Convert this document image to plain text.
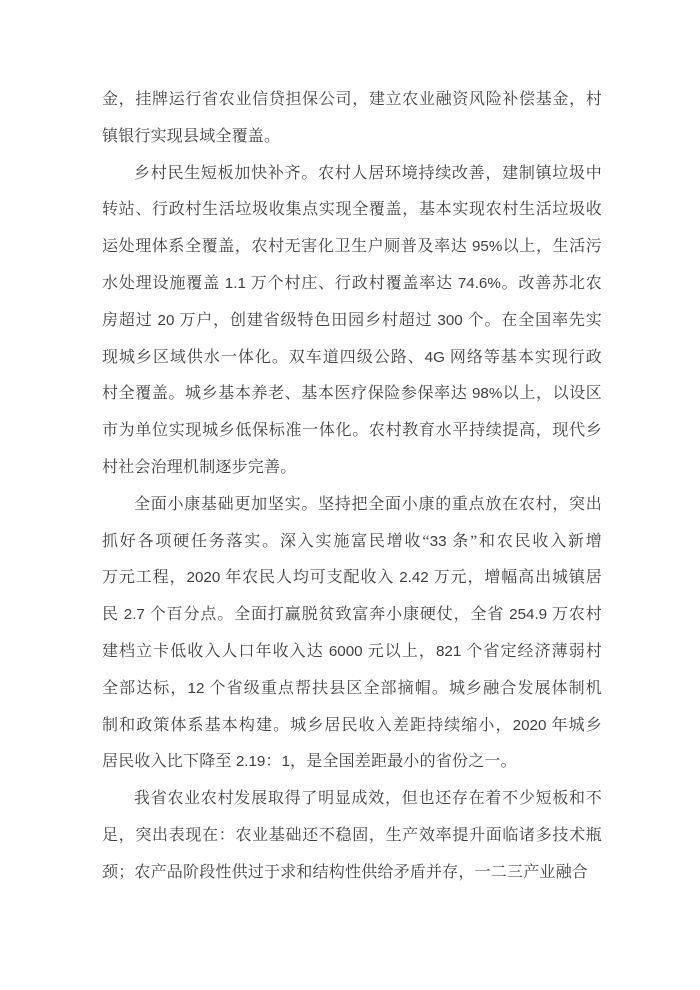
金，挂牌运行省农业信贷担保公司，建立农业融资风险补偿基金，村
镇银行实现县域全覆盖。
乡村民生短板加快补齐。农村人居环境持续改善，建制镇垃圾中
转站、行政村生活垃圾收集点实现全覆盖，基本实现农村生活垃圾收
运处理体系全覆盖，农村无害化卫生户厕普及率达 95%以上，生活污
水处理设施覆盖 1.1 万个村庄、行政村覆盖率达 74.6%。改善苏北农
房超过 20 万户，创建省级特色田园乡村超过 300 个。在全国率先实
现城乡区域供水一体化。双车道四级公路、4G 网络等基本实现行政
村全覆盖。城乡基本养老、基本医疗保险参保率达 98%以上，以设区
市为单位实现城乡低保标准一体化。农村教育水平持续提高，现代乡
村社会治理机制逐步完善。
全面小康基础更加坚实。坚持把全面小康的重点放在农村，突出
抓好各项硬任务落实。深入实施富民增收“33 条”和农民收入新增
万元工程，2020 年农民人均可支配收入 2.42 万元，增幅高出城镇居
民 2.7 个百分点。全面打赢脱贫致富奔小康硬仗，全省 254.9 万农村
建档立卡低收入人口年收入达 6000 元以上，821 个省定经济薄弱村
全部达标，12 个省级重点帮扶县区全部摘帽。城乡融合发展体制机
制和政策体系基本构建。城乡居民收入差距持续缩小，2020 年城乡
居民收入比下降至 2.19：1，是全国差距最小的省份之一。
我省农业农村发展取得了明显成效，但也还存在着不少短板和不
足，突出表现在：农业基础还不稳固，生产效率提升面临诸多技术瓶
颈；农产品阶段性供过于求和结构性供给矛盾并存，一二三产业融合
